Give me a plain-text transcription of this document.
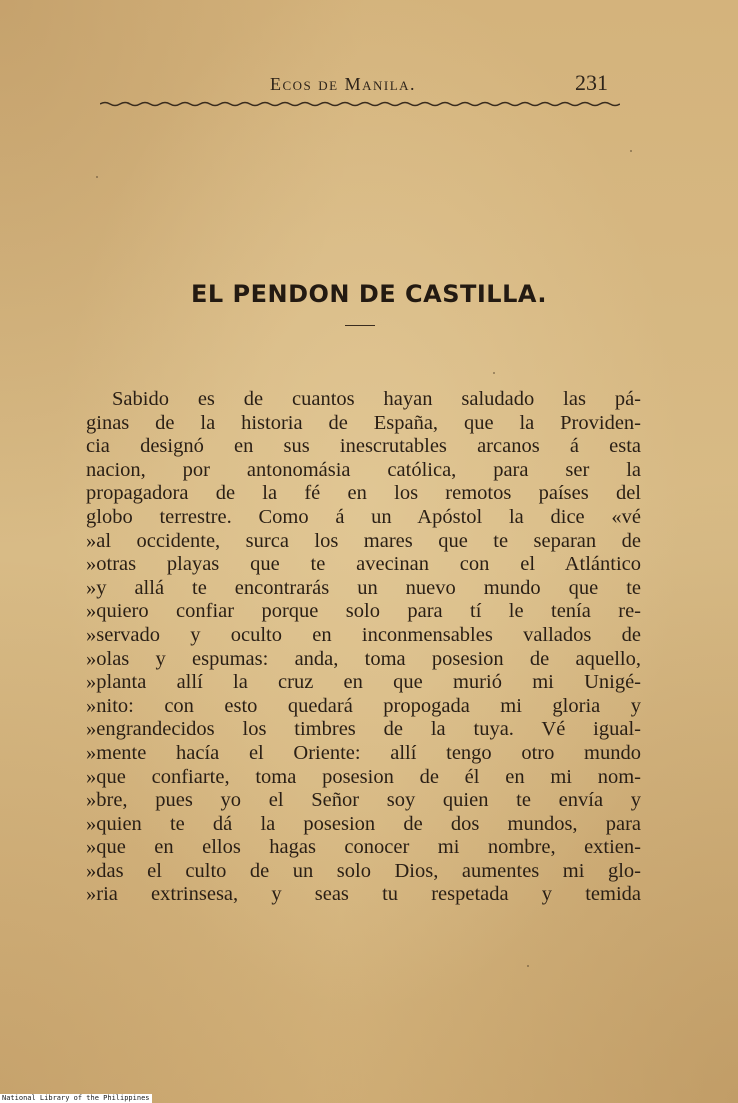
Ecos de Manila.	231
EL PENDON DE CASTILLA.
Sabido es de cuantos hayan saludado las pá-
ginas de la historia de España, que la Providen-
cia designó en sus inescrutables arcanos á esta
nacion, por antonomásia católica, para ser la
propagadora de la fé en los remotos países del
globo terrestre. Como á un Apóstol la dice «vé
»al occidente, surca los mares que te separan de
»otras playas que te avecinan con el Atlántico
»y allá te encontrarás un nuevo mundo que te
»quiero confiar porque solo para tí le tenía re-
»servado y oculto en inconmensables vallados de
»olas y espumas: anda, toma posesion de aquello,
»planta allí la cruz en que murió mi Unigé-
»nito: con esto quedará propogada mi gloria y
»engrandecidos los timbres de la tuya. Vé igual-
»mente hacía el Oriente: allí tengo otro mundo
»que confiarte, toma posesion de él en mi nom-
»bre, pues yo el Señor soy quien te envía y
»quien te dá la posesion de dos mundos, para
»que en ellos hagas conocer mi nombre, extien-
»das el culto de un solo Dios, aumentes mi glo-
»ria extrinsesa, y seas tu respetada y temida
National Library of the Philippines
